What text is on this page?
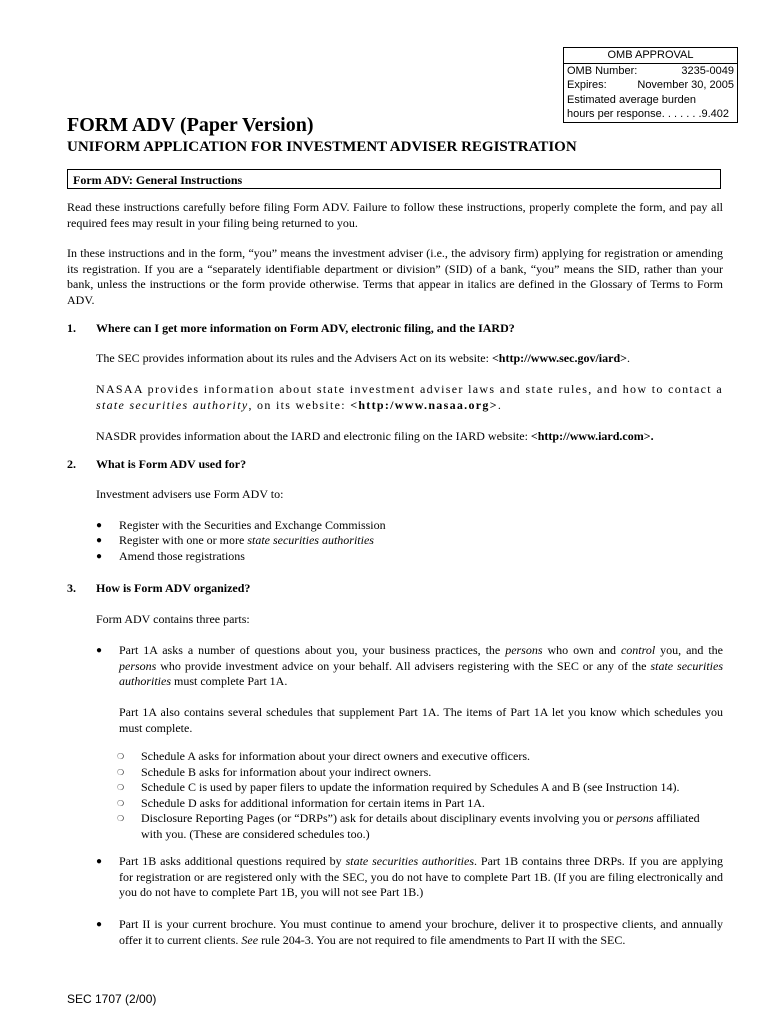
OMB APPROVAL
OMB Number:	3235-0049
Expires:	November 30, 2005
Estimated average burden
hours per response. . . . . . .9.402
FORM ADV (Paper Version)
UNIFORM APPLICATION FOR INVESTMENT ADVISER REGISTRATION
Form ADV: General Instructions
Read these instructions carefully before filing Form ADV. Failure to follow these instructions, properly complete the form, and pay all required fees may result in your filing being returned to you.
In these instructions and in the form, “you” means the investment adviser (i.e., the advisory firm) applying for registration or amending its registration. If you are a “separately identifiable department or division” (SID) of a bank, “you” means the SID, rather than your bank, unless the instructions or the form provide otherwise. Terms that appear in italics are defined in the Glossary of Terms to Form ADV.
1. Where can I get more information on Form ADV, electronic filing, and the IARD?
The SEC provides information about its rules and the Advisers Act on its website: <http://www.sec.gov/iard>.
NASAA provides information about state investment adviser laws and state rules, and how to contact a state securities authority, on its website: <http:/www.nasaa.org>.
NASDR provides information about the IARD and electronic filing on the IARD website: <http://www.iard.com>.
2. What is Form ADV used for?
Investment advisers use Form ADV to:
● Register with the Securities and Exchange Commission
● Register with one or more state securities authorities
● Amend those registrations
3. How is Form ADV organized?
Form ADV contains three parts:
● Part 1A asks a number of questions about you, your business practices, the persons who own and control you, and the persons who provide investment advice on your behalf. All advisers registering with the SEC or any of the state securities authorities must complete Part 1A.
Part 1A also contains several schedules that supplement Part 1A. The items of Part 1A let you know which schedules you must complete.
❍ Schedule A asks for information about your direct owners and executive officers.
❍ Schedule B asks for information about your indirect owners.
❍ Schedule C is used by paper filers to update the information required by Schedules A and B (see Instruction 14).
❍ Schedule D asks for additional information for certain items in Part 1A.
❍ Disclosure Reporting Pages (or “DRPs”) ask for details about disciplinary events involving you or persons affiliated with you. (These are considered schedules too.)
● Part 1B asks additional questions required by state securities authorities. Part 1B contains three DRPs. If you are applying for registration or are registered only with the SEC, you do not have to complete Part 1B. (If you are filing electronically and you do not have to complete Part 1B, you will not see Part 1B.)
● Part II is your current brochure. You must continue to amend your brochure, deliver it to prospective clients, and annually offer it to current clients. See rule 204-3. You are not required to file amendments to Part II with the SEC.
SEC 1707 (2/00)
